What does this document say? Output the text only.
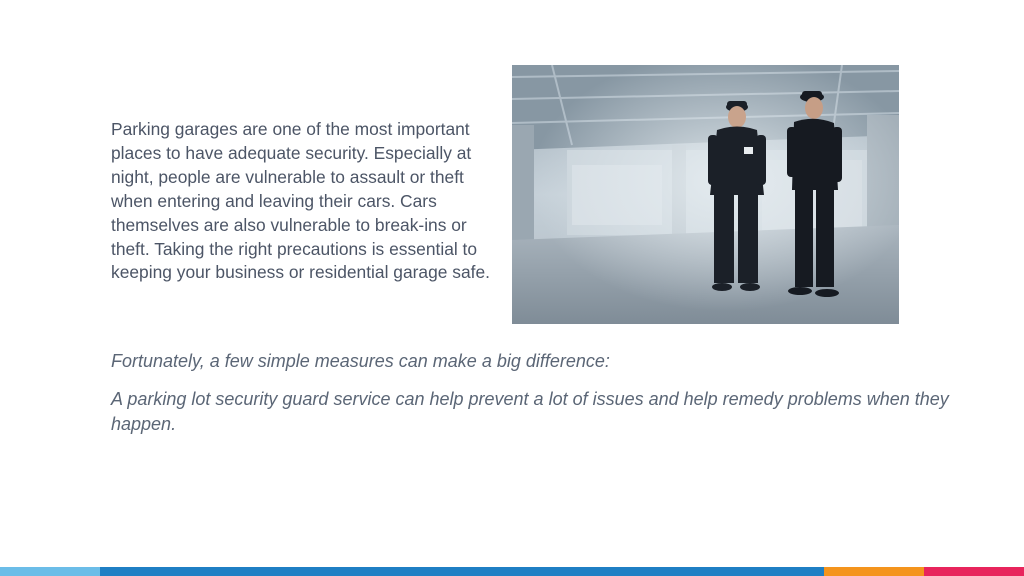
Parking garages are one of the most important places to have adequate security. Especially at night, people are vulnerable to assault or theft when entering and leaving their cars. Cars themselves are also vulnerable to break-ins or theft. Taking the right precautions is essential to keeping your business or residential garage safe.

Fortunately, a few simple measures can make a big difference:

A parking lot security guard service can help prevent a lot of issues and help remedy problems when they happen.
